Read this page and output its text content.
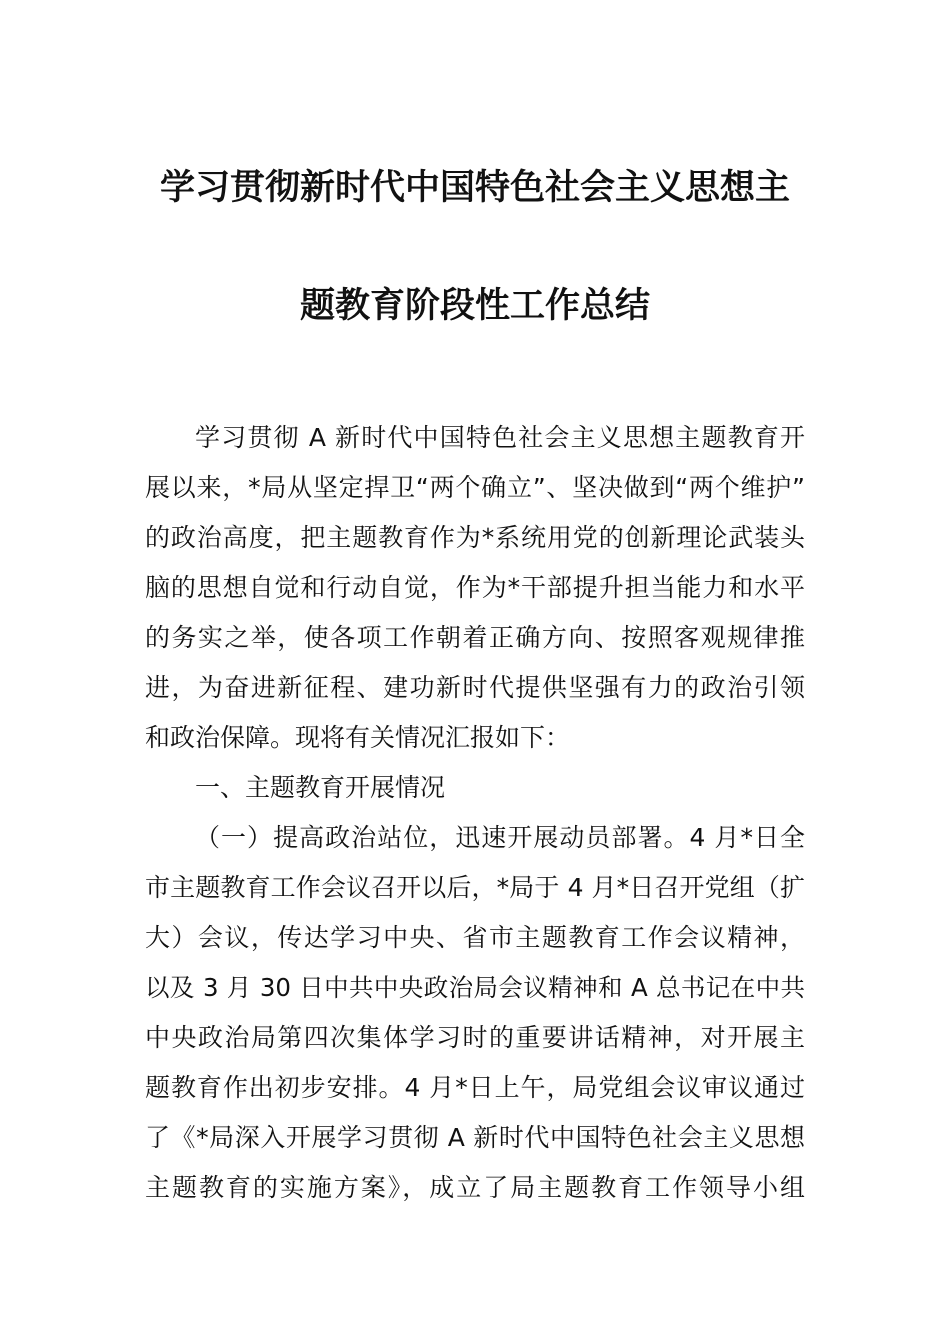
学习贯彻新时代中国特色社会主义思想主
题教育阶段性工作总结
学习贯彻 A 新时代中国特色社会主义思想主题教育开
展以来，*局从坚定捍卫“两个确立”、坚决做到“两个维护”
的政治高度，把主题教育作为*系统用党的创新理论武装头
脑的思想自觉和行动自觉，作为*干部提升担当能力和水平
的务实之举，使各项工作朝着正确方向、按照客观规律推
进，为奋进新征程、建功新时代提供坚强有力的政治引领
和政治保障。现将有关情况汇报如下：
一、主题教育开展情况
（一）提高政治站位，迅速开展动员部署。4 月*日全
市主题教育工作会议召开以后，*局于 4 月*日召开党组（扩
大）会议，传达学习中央、省市主题教育工作会议精神，
以及 3 月 30 日中共中央政治局会议精神和 A 总书记在中共
中央政治局第四次集体学习时的重要讲话精神，对开展主
题教育作出初步安排。4 月*日上午，局党组会议审议通过
了《*局深入开展学习贯彻 A 新时代中国特色社会主义思想
主题教育的实施方案》，成立了局主题教育工作领导小组
